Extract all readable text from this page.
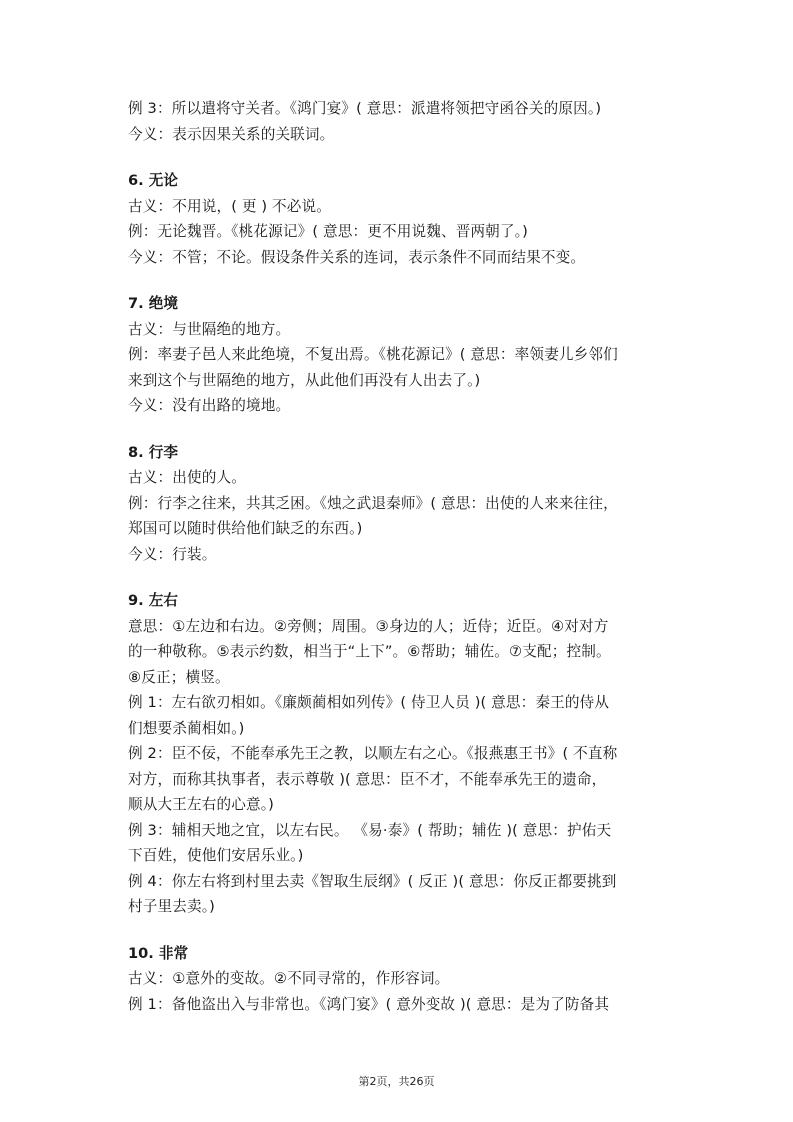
例 3：所以遣将守关者。《鸿门宴》( 意思：派遣将领把守函谷关的原因。)
今义：表示因果关系的关联词。
6. 无论
古义：不用说，( 更 ) 不必说。
例：无论魏晋。《桃花源记》( 意思：更不用说魏、晋两朝了。)
今义：不管；不论。假设条件关系的连词，表示条件不同而结果不变。
7. 绝境
古义：与世隔绝的地方。
例：率妻子邑人来此绝境，不复出焉。《桃花源记》( 意思：率领妻儿乡邻们
来到这个与世隔绝的地方，从此他们再没有人出去了。)
今义：没有出路的境地。
8. 行李
古义：出使的人。
例：行李之往来，共其乏困。《烛之武退秦师》( 意思：出使的人来来往往，
郑国可以随时供给他们缺乏的东西。)
今义：行装。
9. 左右
意思：①左边和右边。②旁侧；周围。③身边的人；近侍；近臣。④对对方
的一种敬称。⑤表示约数，相当于“上下”。⑥帮助；辅佐。⑦支配；控制。
⑧反正；横竖。
例 1：左右欲刃相如。《廉颇蔺相如列传》( 侍卫人员 )( 意思：秦王的侍从
们想要杀蔺相如。)
例 2：臣不佞，不能奉承先王之教，以顺左右之心。《报燕惠王书》( 不直称
对方，而称其执事者，表示尊敬 )( 意思：臣不才，不能奉承先王的遗命，
顺从大王左右的心意。)
例 3：辅相天地之宜，以左右民。 《易·泰》( 帮助；辅佐 )( 意思：护佑天
下百姓，使他们安居乐业。)
例 4：你左右将到村里去卖《智取生辰纲》( 反正 )( 意思：你反正都要挑到
村子里去卖。)
10. 非常
古义：①意外的变故。②不同寻常的，作形容词。
例 1：备他盗出入与非常也。《鸿门宴》( 意外变故 )( 意思：是为了防备其
第2页，共26页
